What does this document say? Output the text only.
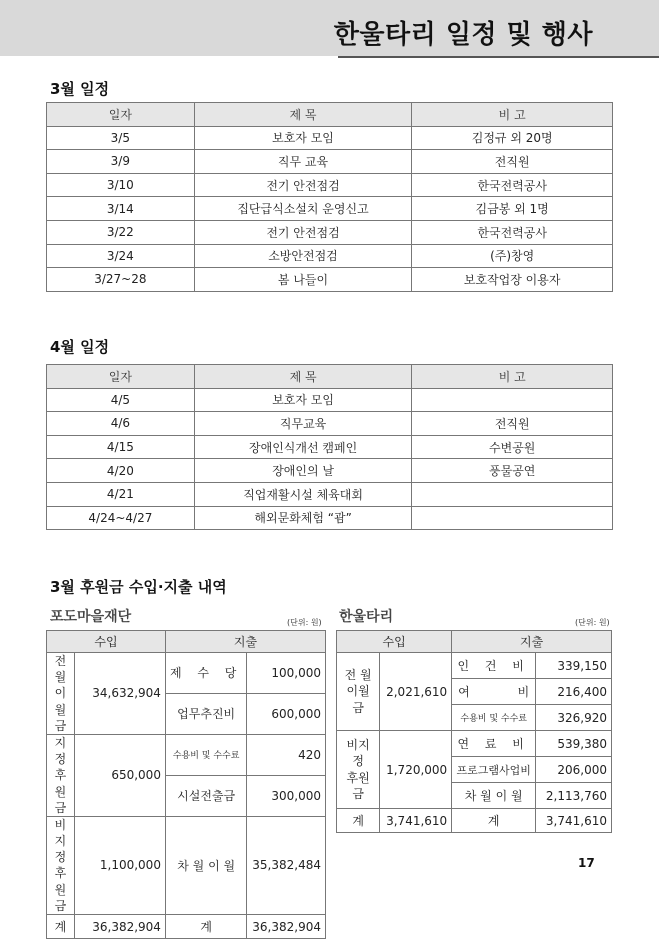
한울타리 일정 및 행사
3월 일정
일자	제 목	비 고
3/5	보호자 모임	김정규 외 20명
3/9	직무 교육	전직원
3/10	전기 안전점검	한국전력공사
3/14	집단급식소설치 운영신고	김금봉 외 1명
3/22	전기 안전점검	한국전력공사
3/24	소방안전점검	(주)창영
3/27~28	봄 나들이	보호작업장 이용자
4월 일정
일자	제 목	비 고
4/5	보호자 모임	
4/6	직무교육	전직원
4/15	장애인식개선 캠페인	수변공원
4/20	장애인의 날	풍물공연
4/21	직업재활시설 체육대회	
4/24~4/27	해외문화체험 “괌”	
3월 후원금 수입·지출 내역
포도마을재단	(단위: 원) 한울타리	(단위: 원)
수입		지출	
전 월
이월금	34,632,904	제 수 당	100,000
		업무추진비	600,000
지 정
후원금	650,000	수용비 및 수수료	420
		시설전출금	300,000
비지정
후원금	1,100,000	차 월 이 월	35,382,484
계	36,382,904	계	36,382,904
수입		지출	
전 월
이월금	2,021,610	인 건 비	339,150
		여 비	216,400
		수용비 및 수수료	326,920
비지정
후원금	1,720,000	연 료 비	539,380
		프로그램사업비	206,000
		차 월 이 월	2,113,760
계	3,741,610	계	3,741,610
17
